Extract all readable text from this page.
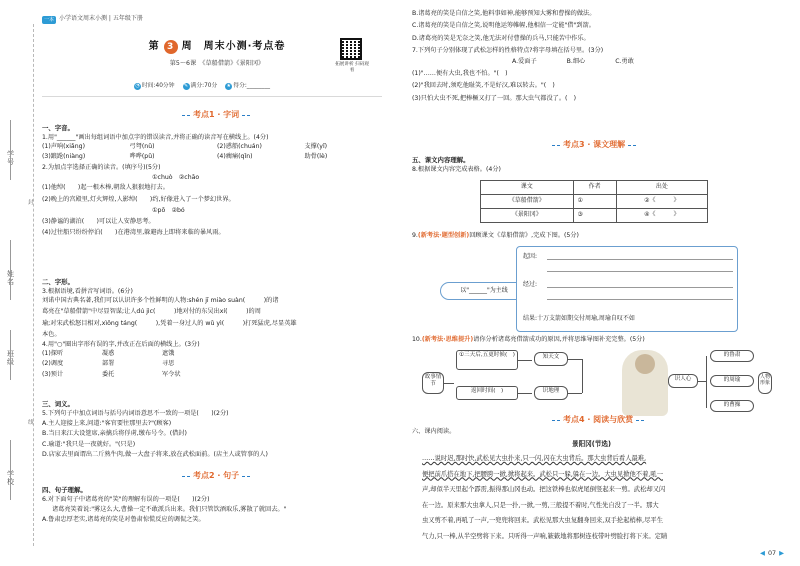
学号
姓名
班级
学校
封
线
一本 小学语文周末小测 | 五年级下册
第 3 周　周末小测·考点卷
第5～6课　《草船借箭》《景阳冈》
◔ 时间:40分钟 ✎ 满分:70分 ★ 得分:________
拓展讲析 扫码观看
考点1 · 字词
一、字音。
1.用"______"画出每组词语中加点字的错误读音,并将正确的读音写在横线上。(4分)
(1)声响(xiǎng)	弓弩(nǔ)	(2)惑船(chuán)	支撑(yǐ)
(3)踉跄(niàng)	哗哗(pǔ)	(4)瘸痛(qǐn)	助骨(lè)
2.为加点字选择正确的读音。(填序号)(5分)
①chuò　②chāo
(1)他绰(　　)起一根木棒,朝敌人狠狠地打去。
(2)晚上的宫殿里,灯火辉煌,人影绰(　　)约,好像进入了一个梦幻世界。
①pō　②bó
(3)静谧的湖泊(　　)可以让人安静思考。
(4)过往船只纷纷停泊(　　)在港湾里,躲避海上即将来临的暴风雨。
二、字形。
3.根据语境,看拼音写词语。(6分)
刘诺中国古典名著,我们可以认识许多个性鲜明的人物:shén jī miào suàn(　　　)的诸
葛亮在"草船借箭"中尽显智谋;让人dú jìc(　　　)地对付的东吴出xí(　　　)的周
瑜;对宋武松怒目相对,xìǒng táng(　　　),凭着一身过人的 wǔ yì(　　　)打死猛虎,尽显英雄
本色。
4.用"○"圈出字形有误的字,并改正在后面的横线上。(3分)
(1)探听	凝惑	遮饿
(2)调度	部署	寻思
(3)预计	委托	军令状
三、词义。
5.下列句子中加点词语与括号内词语意思不一致的一项是(　　)(2分)
A.主人迎接上来,问道:"客官要往那里去?"(顾客)
B.当日来江大设筵席,亲擒兵将俘虏,缴布号令。(借封)
C.瑜道:"我只是一夜就好。"(只是)
D.店家去里面谓出二斤熟牛肉,做一大盘子将来,放在武松面前。(店主人或管事的人)
考点2 · 句子
四、句子理解。
6.对下面句子中诸葛亮的"笑"的理解有误的一项是(　　)(2分)
诸葛亮笑着说:"雾这么大,曹操一定不敢派兵出来。我们只管饮酒取乐,雾散了就回去。"
A.鲁肃忠厚老实,诸葛亮的笑是对鲁肃惊慌反应的调侃之笑。
B.诸葛亮的笑是自信之笑,他料事如神,能够预知大雾和曹操的做法。
C.诸葛亮的笑是自信之笑,说明他运筹帷幄,他相信一定能"借"到箭。
D.诸葛亮的笑是无奈之笑,他无法对付曹操的兵马,只能苦中作乐。
7.下列句子分别体现了武松怎样的性格特点?将字母填在括号里。(3分)
A.爱面子	B.细心	C.勇敢
(1)"……便有大虫,我也不怕。"(　)
(2)"我回去时,须吃他耻笑,不是好汉,难以转去。"(　)
(3)只怕大虫不死,把棒橛又打了一回。那大虫气都没了。(　)
考点3 · 课文理解
五、课文内容理解。
8.根据课文内容完成表格。(4分)
课文	作者	出处
《草船借箭》	①	②《　　　》
《景阳冈》	③	④《　　　》
9.(新考法·题型创新)回顾课文《草船借箭》,完成下图。(5分)
以"______"为主线
起因:
经过:
结果:十万支箭如期交付周瑜,周瑜自叹不如
10.(新考法·思维提升)请你分析诸葛亮借箭成功的原因,并将思维导图补充完整。(5分)
故事情节
①三天后,五更时候(　)
返回时间(　)
知天文
识地理
识人心
的鲁肃
的周瑜
的曹操
人物形象
考点4 · 阅读与欣赏
六、课内阅读。
景阳冈(节选)
……说时迟,那时快,武松见大虫扑来,只一闪,闪在大虫背后。那大虫背后看人最难,
便把前爪搭在地下,把腰胯一掀,掀将起来。武松只一躲,躲在一边。大虫见掀他不着,吼一
声,却似半天里起个霹雳,振得那山冈也动。把这铁棒也似虎尾倒竖起来一剪。武松却又闪
在一边。原来那大虫拿人,只是一扑,一掀,一剪,三般提不着时,气性先自没了一半。那大
虫又剪不着,再吼了一声,一兜兜将回来。武松见那大虫复翻身回来,双手抡起梢棒,尽平生
气力,只一棒,从半空劈将下来。只听得一声响,簌簌地将那树连枝带叶劈脸打将下来。定睛
◀ 07 ▶
